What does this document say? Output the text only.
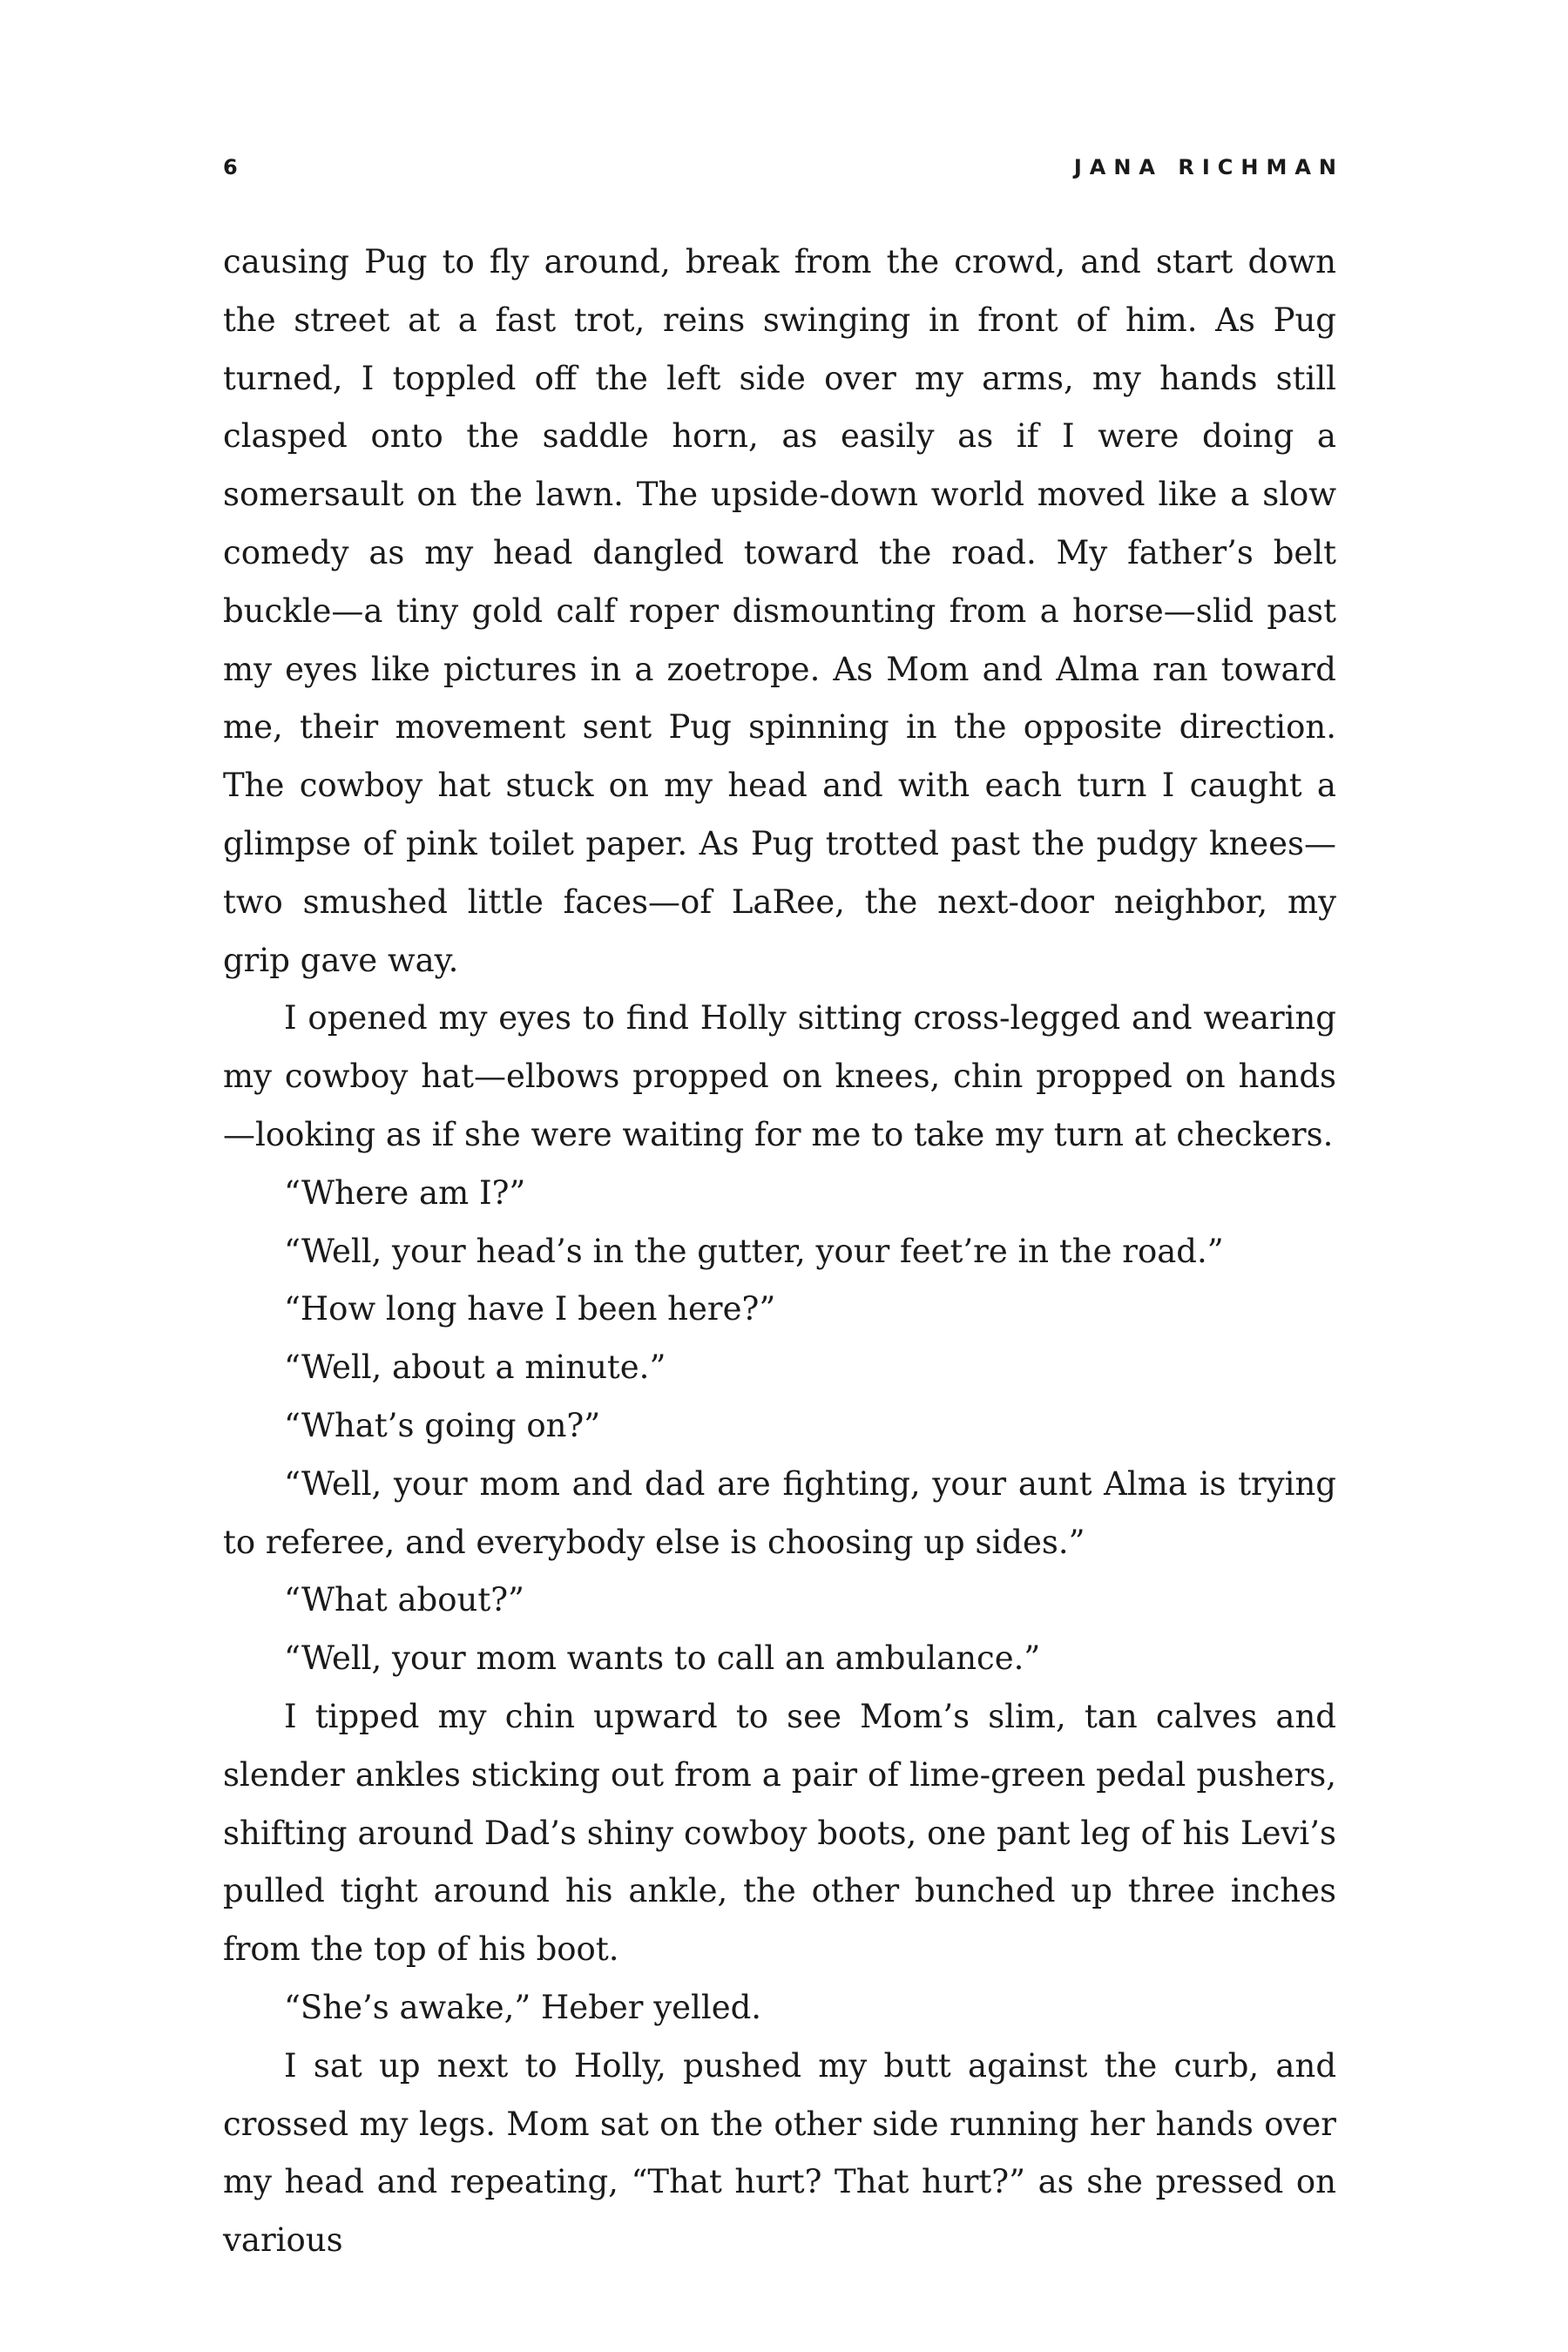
6	JANA RICHMAN

causing Pug to fly around, break from the crowd, and start down the street at a fast trot, reins swinging in front of him. As Pug turned, I toppled off the left side over my arms, my hands still clasped onto the saddle horn, as easily as if I were doing a somersault on the lawn. The upside-down world moved like a slow comedy as my head dangled toward the road. My father’s belt buckle—a tiny gold calf roper dismounting from a horse—slid past my eyes like pictures in a zoetrope. As Mom and Alma ran toward me, their movement sent Pug spinning in the opposite direction. The cowboy hat stuck on my head and with each turn I caught a glimpse of pink toilet paper. As Pug trotted past the pudgy knees—two smushed little faces—of LaRee, the next-door neighbor, my grip gave way.

I opened my eyes to find Holly sitting cross-legged and wearing my cowboy hat—elbows propped on knees, chin propped on hands—looking as if she were waiting for me to take my turn at checkers.

“Where am I?”

“Well, your head’s in the gutter, your feet’re in the road.”

“How long have I been here?”

“Well, about a minute.”

“What’s going on?”

“Well, your mom and dad are fighting, your aunt Alma is trying to referee, and everybody else is choosing up sides.”

“What about?”

“Well, your mom wants to call an ambulance.”

I tipped my chin upward to see Mom’s slim, tan calves and slender ankles sticking out from a pair of lime-green pedal pushers, shifting around Dad’s shiny cowboy boots, one pant leg of his Levi’s pulled tight around his ankle, the other bunched up three inches from the top of his boot.

“She’s awake,” Heber yelled.

I sat up next to Holly, pushed my butt against the curb, and crossed my legs. Mom sat on the other side running her hands over my head and repeating, “That hurt? That hurt?” as she pressed on various
